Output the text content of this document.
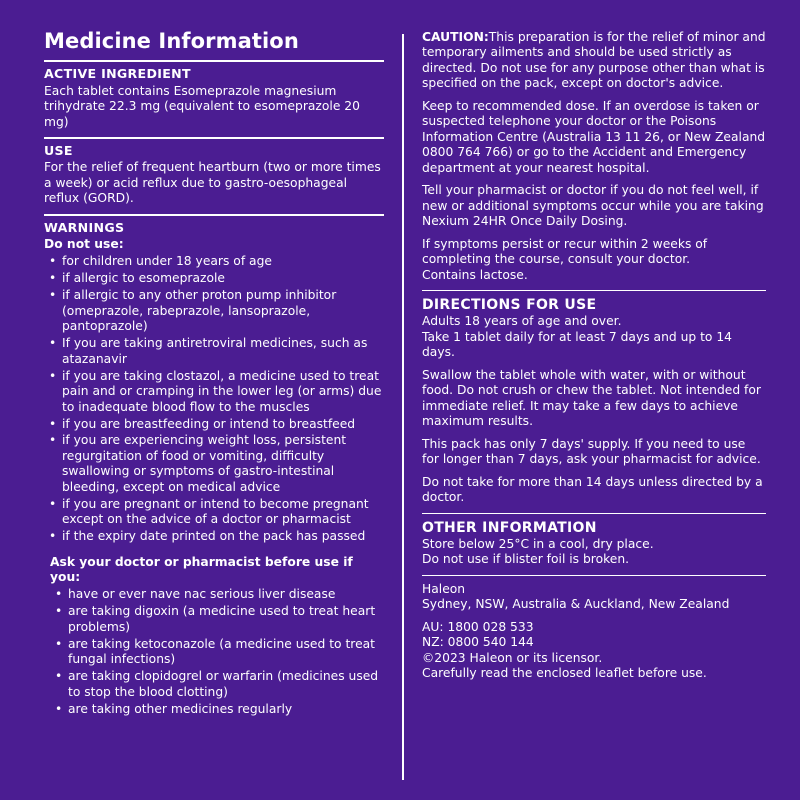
Medicine Information
ACTIVE INGREDIENT

Each tablet contains Esomeprazole magnesium trihydrate 22.3 mg (equivalent to esomeprazole 20 mg)

USE

For the relief of frequent heartburn (two or more times a week) or acid reflux due to gastro-oesophageal reflux (GORD).

WARNINGS
Do not use:
• for children under 18 years of age
• if allergic to esomeprazole
• if allergic to any other proton pump inhibitor (omeprazole, rabeprazole, lansoprazole, pantoprazole)
• If you are taking antiretroviral medicines, such as atazanavir
• if you are taking clostazol, a medicine used to treat pain and or cramping in the lower leg (or arms) due to inadequate blood flow to the muscles
• if you are breastfeeding or intend to breastfeed
• if you are experiencing weight loss, persistent regurgitation of food or vomiting, difficulty swallowing or symptoms of gastro-intestinal bleeding, except on medical advice
• if you are pregnant or intend to become pregnant except on the advice of a doctor or pharmacist
• if the expiry date printed on the pack has passed
Ask your doctor or pharmacist before use if you:
• have or ever nave nac serious liver disease
• are taking digoxin (a medicine used to treat heart problems)
• are taking ketoconazole (a medicine used to treat fungal infections)
• are taking clopidogrel or warfarin (medicines used to stop the blood clotting)
• are taking other medicines regularly

CAUTION:This preparation is for the relief of minor and temporary ailments and should be used strictly as directed. Do not use for any purpose other than what is specified on the pack, except on doctor's advice.

Keep to recommended dose. If an overdose is taken or suspected telephone your doctor or the Poisons Information Centre (Australia 13 11 26, or New Zealand 0800 764 766) or go to the Accident and Emergency department at your nearest hospital.

Tell your pharmacist or doctor if you do not feel well, if new or additional symptoms occur while you are taking Nexium 24HR Once Daily Dosing.

If symptoms persist or recur within 2 weeks of completing the course, consult your doctor.

Contains lactose.

DIRECTIONS FOR USE

Adults 18 years of age and over.

Take 1 tablet daily for at least 7 days and up to 14 days.

Swallow the tablet whole with water, with or without food. Do not crush or chew the tablet. Not intended for immediate relief. It may take a few days to achieve maximum results.

This pack has only 7 days' supply. If you need to use for longer than 7 days, ask your pharmacist for advice.

Do not take for more than 14 days unless directed by a doctor.

OTHER INFORMATION

Store below 25°C in a cool, dry place.

Do not use if blister foil is broken.

Haleon

Sydney, NSW, Australia & Auckland, New Zealand

AU: 1800 028 533

NZ: 0800 540 144

©2023 Haleon or its licensor.

Carefully read the enclosed leaflet before use.
